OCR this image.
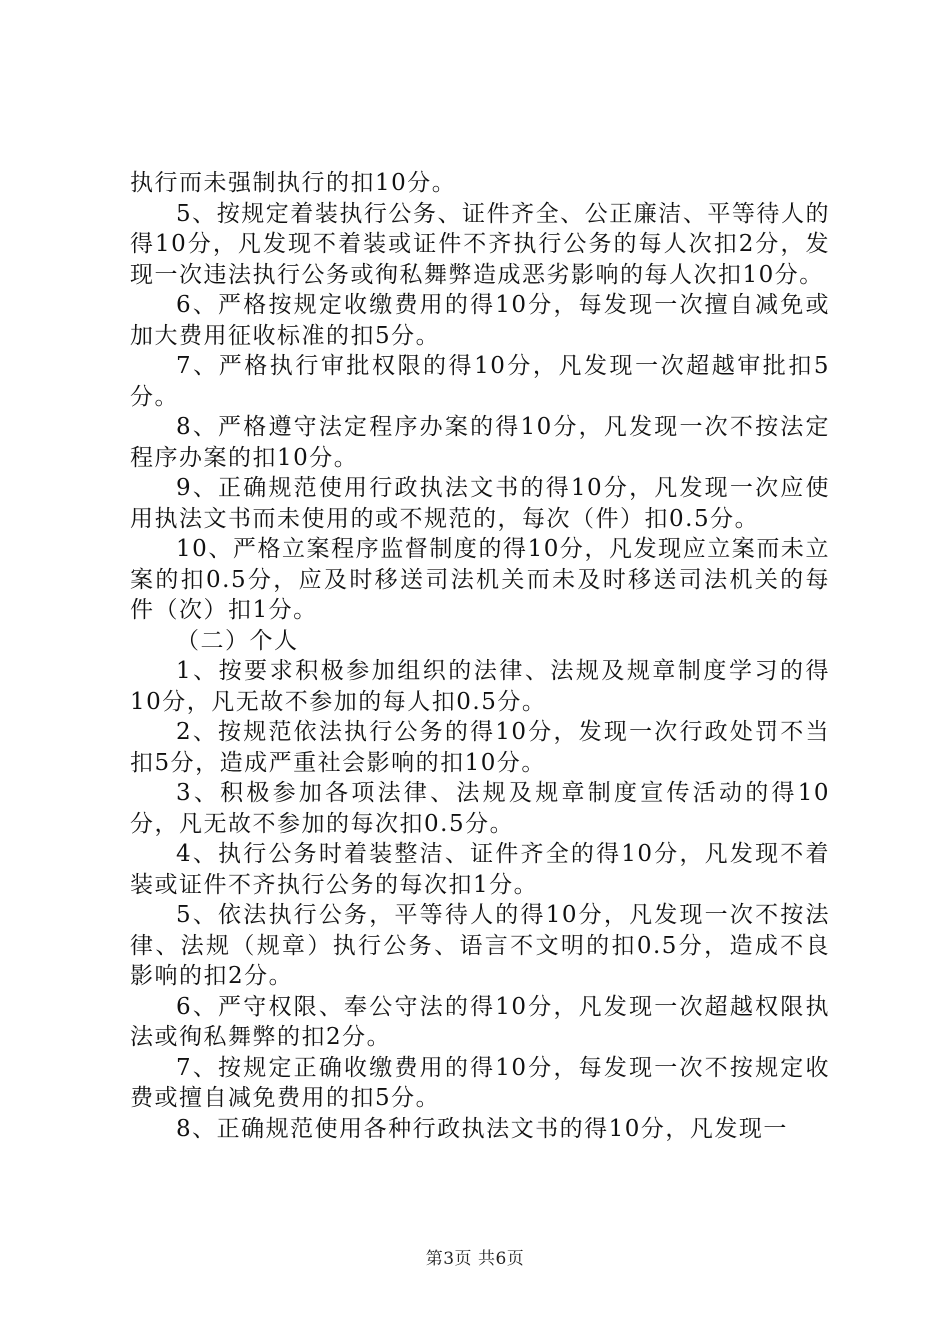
执行而未强制执行的扣10分。

5、按规定着装执行公务、证件齐全、公正廉洁、平等待人的得10分，凡发现不着装或证件不齐执行公务的每人次扣2分，发现一次违法执行公务或徇私舞弊造成恶劣影响的每人次扣10分。

6、严格按规定收缴费用的得10分，每发现一次擅自减免或加大费用征收标准的扣5分。

7、严格执行审批权限的得10分，凡发现一次超越审批扣5分。

8、严格遵守法定程序办案的得10分，凡发现一次不按法定程序办案的扣10分。

9、正确规范使用行政执法文书的得10分，凡发现一次应使用执法文书而未使用的或不规范的，每次（件）扣0.5分。

10、严格立案程序监督制度的得10分，凡发现应立案而未立案的扣0.5分，应及时移送司法机关而未及时移送司法机关的每件（次）扣1分。

（二）个人

1、按要求积极参加组织的法律、法规及规章制度学习的得10分，凡无故不参加的每人扣0.5分。

2、按规范依法执行公务的得10分，发现一次行政处罚不当扣5分，造成严重社会影响的扣10分。

3、积极参加各项法律、法规及规章制度宣传活动的得10分，凡无故不参加的每次扣0.5分。

4、执行公务时着装整洁、证件齐全的得10分，凡发现不着装或证件不齐执行公务的每次扣1分。

5、依法执行公务，平等待人的得10分，凡发现一次不按法律、法规（规章）执行公务、语言不文明的扣0.5分，造成不良影响的扣2分。

6、严守权限、奉公守法的得10分，凡发现一次超越权限执法或徇私舞弊的扣2分。

7、按规定正确收缴费用的得10分，每发现一次不按规定收费或擅自减免费用的扣5分。

8、正确规范使用各种行政执法文书的得10分，凡发现一

第3页 共6页
